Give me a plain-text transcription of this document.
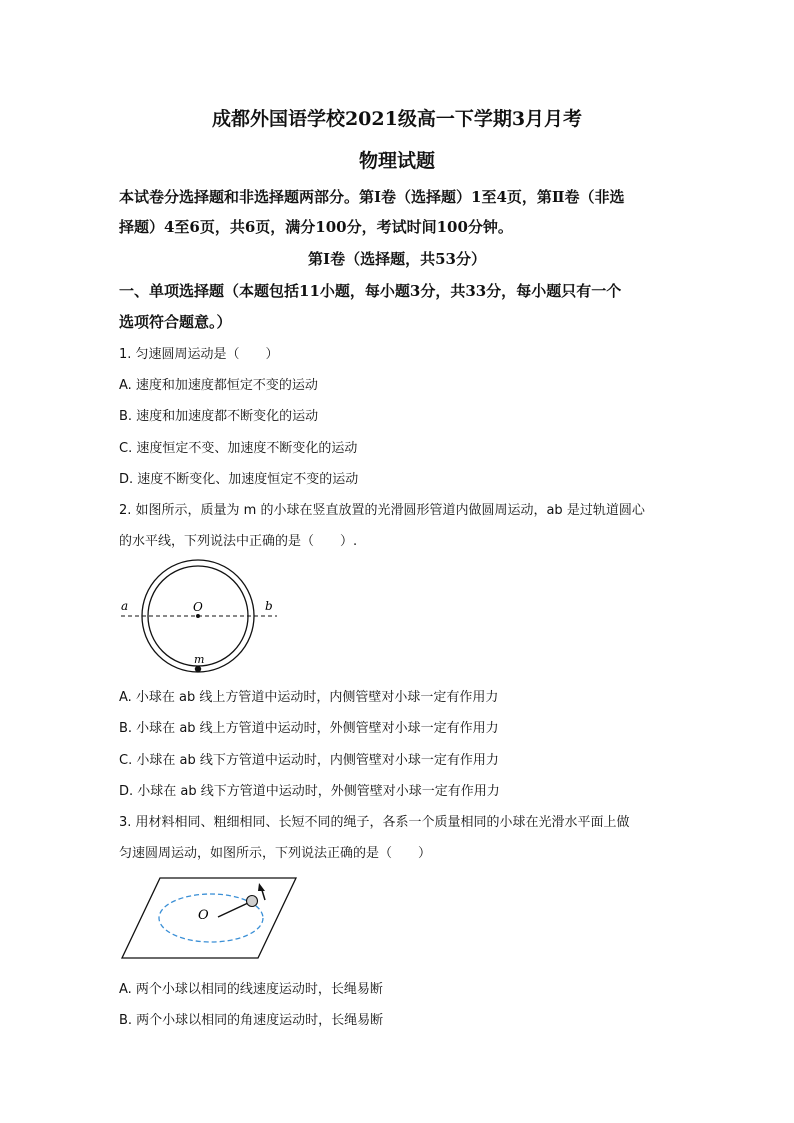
成都外国语学校2021级高一下学期3月月考
物理试题
本试卷分选择题和非选择题两部分。第Ⅰ卷（选择题）1至4页，第Ⅱ卷（非选
择题）4至6页，共6页，满分100分，考试时间100分钟。
第Ⅰ卷（选择题，共53分）
一、单项选择题（本题包括11小题，每小题3分，共33分，每小题只有一个
选项符合题意。）
1. 匀速圆周运动是（　　）
A. 速度和加速度都恒定不变的运动
B. 速度和加速度都不断变化的运动
C. 速度恒定不变、加速度不断变化的运动
D. 速度不断变化、加速度恒定不变的运动
2. 如图所示，质量为 m 的小球在竖直放置的光滑圆形管道内做圆周运动，ab 是过轨道圆心
的水平线，下列说法中正确的是（　　）.
a	b
O
m
A. 小球在 ab 线上方管道中运动时，内侧管壁对小球一定有作用力
B. 小球在 ab 线上方管道中运动时，外侧管壁对小球一定有作用力
C. 小球在 ab 线下方管道中运动时，内侧管壁对小球一定有作用力
D. 小球在 ab 线下方管道中运动时，外侧管壁对小球一定有作用力
3. 用材料相同、粗细相同、长短不同的绳子，各系一个质量相同的小球在光滑水平面上做
匀速圆周运动，如图所示，下列说法正确的是（　　）
O
A. 两个小球以相同的线速度运动时，长绳易断
B. 两个小球以相同的角速度运动时，长绳易断
